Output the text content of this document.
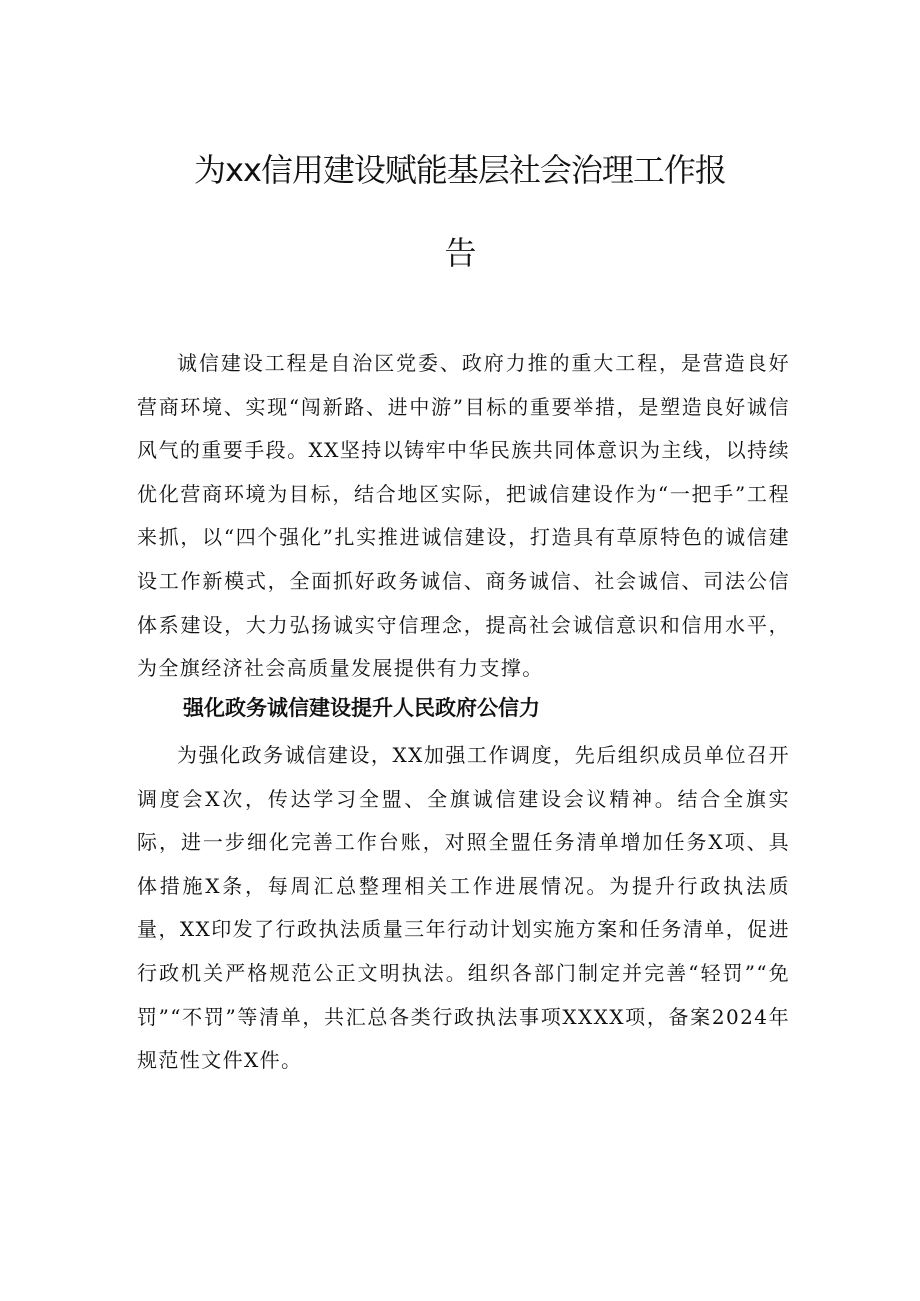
为xx信用建设赋能基层社会治理工作报
告

诚信建设工程是自治区党委、政府力推的重大工程，是营造良好营商环境、实现“闯新路、进中游”目标的重要举措，是塑造良好诚信风气的重要手段。XX坚持以铸牢中华民族共同体意识为主线，以持续优化营商环境为目标，结合地区实际，把诚信建设作为“一把手”工程来抓，以“四个强化”扎实推进诚信建设，打造具有草原特色的诚信建设工作新模式，全面抓好政务诚信、商务诚信、社会诚信、司法公信体系建设，大力弘扬诚实守信理念，提高社会诚信意识和信用水平，为全旗经济社会高质量发展提供有力支撑。

强化政务诚信建设提升人民政府公信力

为强化政务诚信建设，XX加强工作调度，先后组织成员单位召开调度会X次，传达学习全盟、全旗诚信建设会议精神。结合全旗实际，进一步细化完善工作台账，对照全盟任务清单增加任务X项、具体措施X条，每周汇总整理相关工作进展情况。为提升行政执法质量，XX印发了行政执法质量三年行动计划实施方案和任务清单，促进行政机关严格规范公正文明执法。组织各部门制定并完善“轻罚”“免罚”“不罚”等清单，共汇总各类行政执法事项XXXX项，备案2024年规范性文件X件。
